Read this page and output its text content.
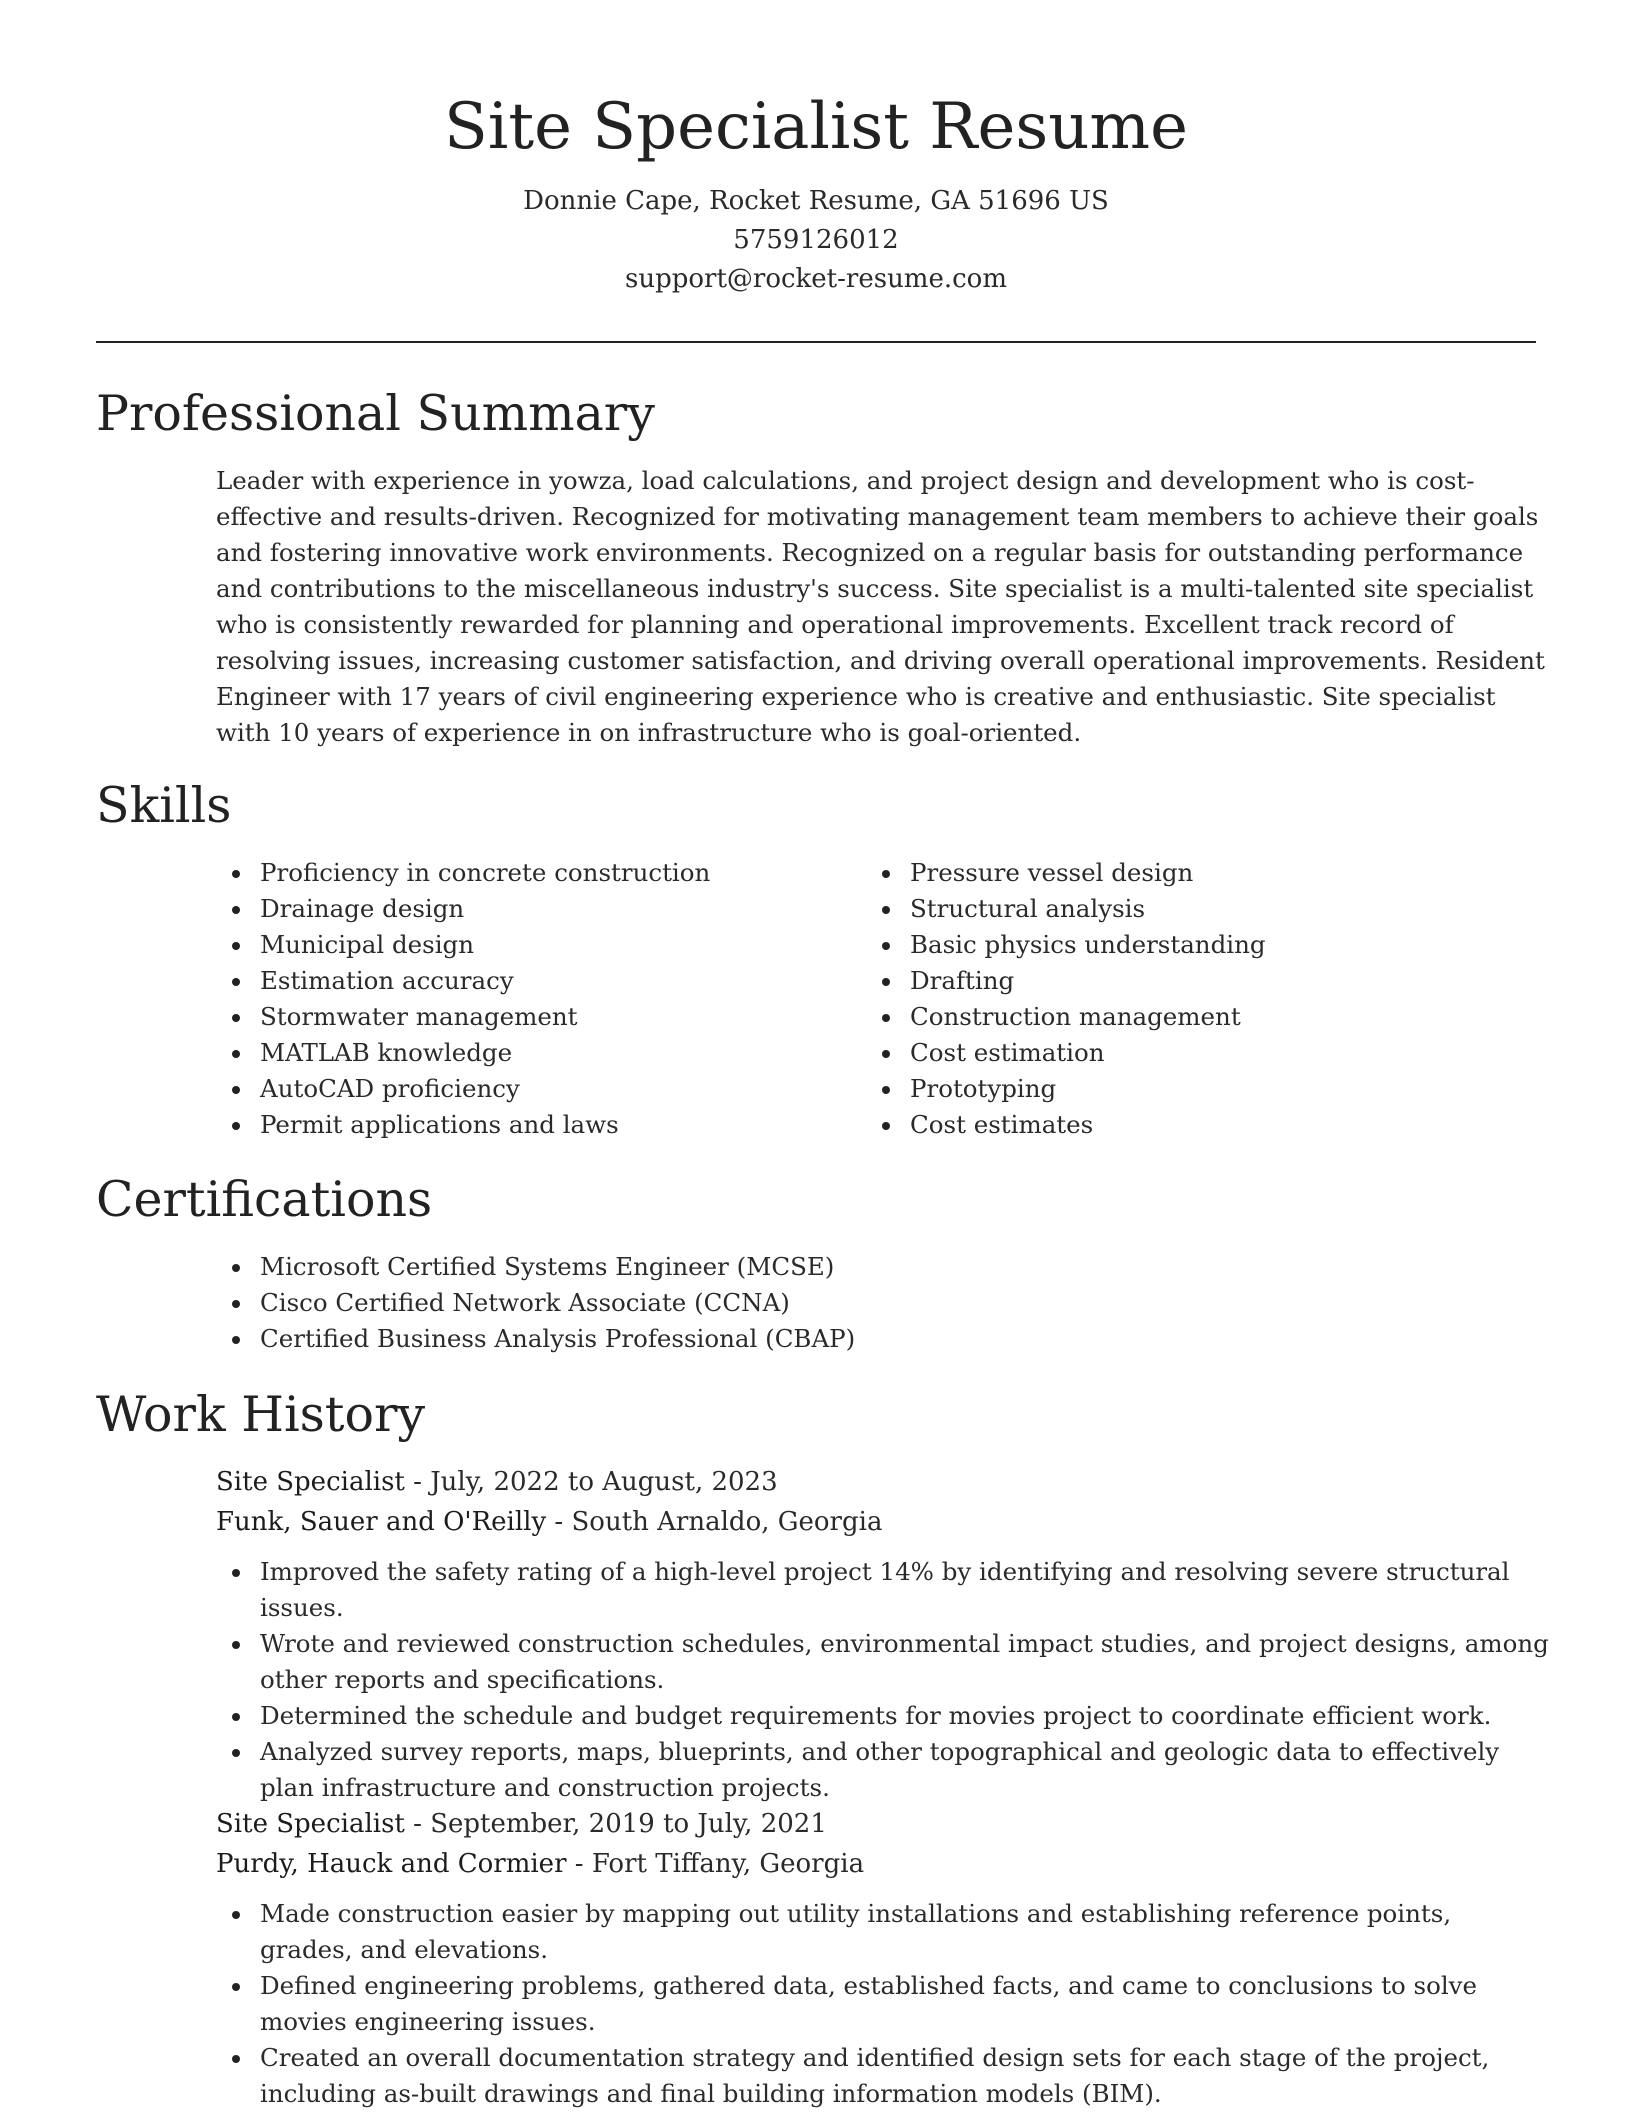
Site Specialist Resume
Donnie Cape, Rocket Resume, GA 51696 US
5759126012
support@rocket-resume.com
Professional Summary

Leader with experience in yowza, load calculations, and project design and development who is cost-effective and results-driven. Recognized for motivating management team members to achieve their goals and fostering innovative work environments. Recognized on a regular basis for outstanding performance and contributions to the miscellaneous industry's success. Site specialist is a multi-talented site specialist who is consistently rewarded for planning and operational improvements. Excellent track record of resolving issues, increasing customer satisfaction, and driving overall operational improvements. Resident Engineer with 17 years of civil engineering experience who is creative and enthusiastic. Site specialist with 10 years of experience in on infrastructure who is goal-oriented.

Skills
Proficiency in concrete construction
Drainage design
Municipal design
Estimation accuracy
Stormwater management
MATLAB knowledge
AutoCAD proficiency
Permit applications and laws
Pressure vessel design
Structural analysis
Basic physics understanding
Drafting
Construction management
Cost estimation
Prototyping
Cost estimates
Certifications
Microsoft Certified Systems Engineer (MCSE)
Cisco Certified Network Associate (CCNA)
Certified Business Analysis Professional (CBAP)
Work History
Site Specialist - July, 2022 to August, 2023
Funk, Sauer and O'Reilly - South Arnaldo, Georgia
Improved the safety rating of a high-level project 14% by identifying and resolving severe structural issues.
Wrote and reviewed construction schedules, environmental impact studies, and project designs, among other reports and specifications.
Determined the schedule and budget requirements for movies project to coordinate efficient work.
Analyzed survey reports, maps, blueprints, and other topographical and geologic data to effectively plan infrastructure and construction projects.
Site Specialist - September, 2019 to July, 2021
Purdy, Hauck and Cormier - Fort Tiffany, Georgia
Made construction easier by mapping out utility installations and establishing reference points, grades, and elevations.
Defined engineering problems, gathered data, established facts, and came to conclusions to solve movies engineering issues.
Created an overall documentation strategy and identified design sets for each stage of the project, including as-built drawings and final building information models (BIM).
